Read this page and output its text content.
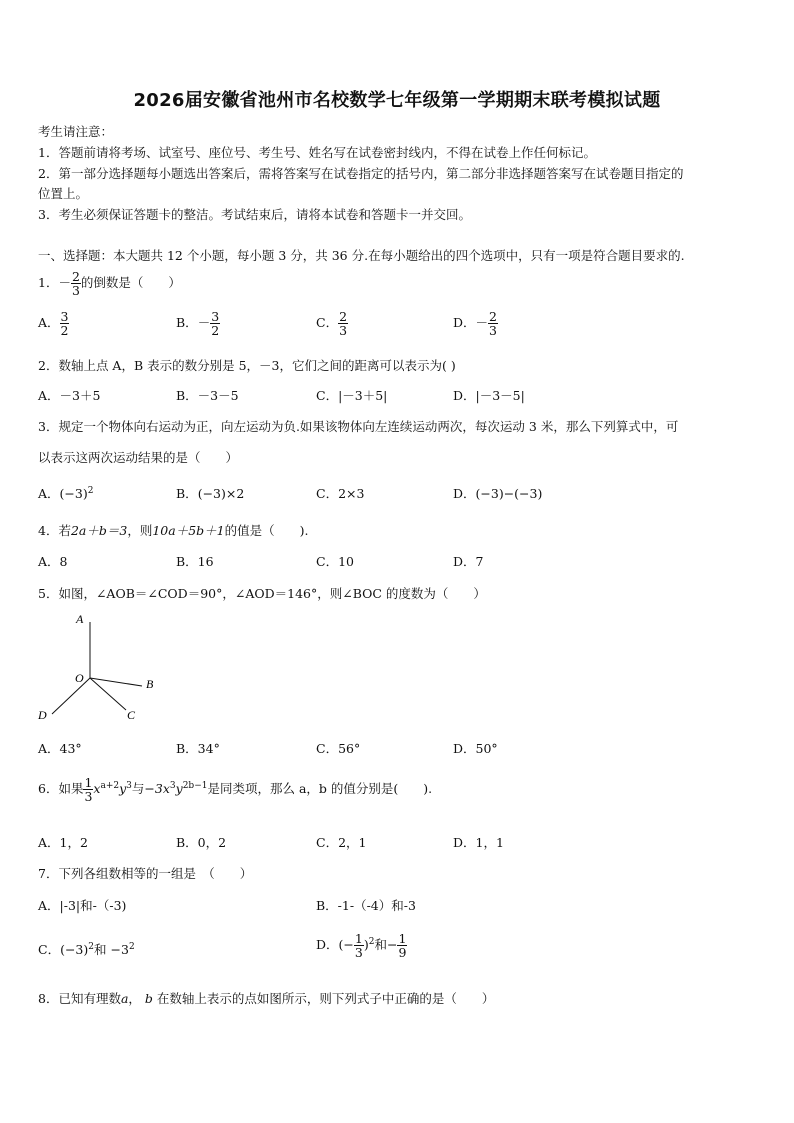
2026届安徽省池州市名校数学七年级第一学期期末联考模拟试题
考生请注意：
1．答题前请将考场、试室号、座位号、考生号、姓名写在试卷密封线内，不得在试卷上作任何标记。
2．第一部分选择题每小题选出答案后，需将答案写在试卷指定的括号内，第二部分非选择题答案写在试卷题目指定的
位置上。
3．考生必须保证答题卡的整洁。考试结束后，请将本试卷和答题卡一并交回。
一、选择题：本大题共 12 个小题，每小题 3 分，共 36 分.在每小题给出的四个选项中，只有一项是符合题目要求的.
1．－ $\frac{2}{3}$ 的倒数是（　　）
A． $\frac{3}{2}$	B．－ $\frac{3}{2}$	C． $\frac{2}{3}$	D．－ $\frac{2}{3}$
2．数轴上点 A，B 表示的数分别是 5，－3，它们之间的距离可以表示为( )
A．－3＋5	B．－3－5	C．|－3＋5|	D．|－3－5|
3．规定一个物体向右运动为正，向左运动为负.如果该物体向左连续运动两次，每次运动 3 米，那么下列算式中，可
以表示这两次运动结果的是（　　）
A．$(-3)^2$	B．(−3)×2	C．2×3	D．(−3)−(−3)
4．若2a＋b＝3，则10a＋5b＋1的值是（　　).
A．8	B．16	C．10	D．7
5．如图，∠AOB＝∠COD＝90°，∠AOD＝146°，则∠BOC 的度数为（　　）
A
O	B
C
D
A．43°	B．34°	C．56°	D．50°
6．如果 $\frac{1}{3} x^{a+2}y^3$与$-3x^3y^{2b-1}$是同类项，那么 a，b 的值分别是(　　).
A．1，2	B．0，2	C．2，1	D．1，1
7．下列各组数相等的一组是　（　　）
A．|-3|和-（-3)	B．-1-（-4）和-3
C．$(-3)^2$和 $-3^2$	D．(− $\frac{1}{3} )^2$和− $\frac{1}{9}$
8．已知有理数a， b 在数轴上表示的点如图所示，则下列式子中正确的是（　　）
